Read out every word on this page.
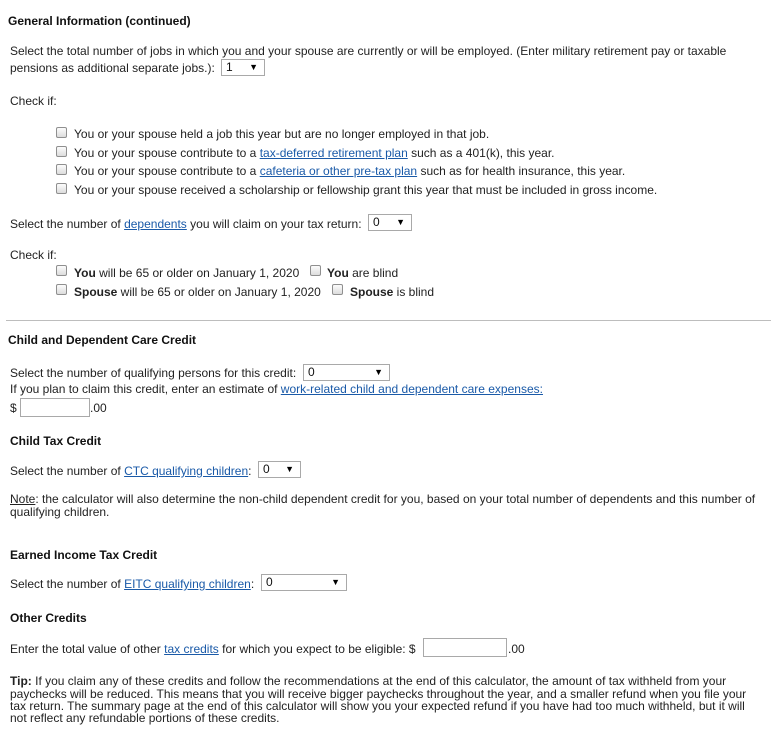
General Information (continued)
Select the total number of jobs in which you and your spouse are currently or will be employed. (Enter military retirement pay or taxable
pensions as additional separate jobs.): 1 ▼
Check if:
You or your spouse held a job this year but are no longer employed in that job.
You or your spouse contribute to a tax-deferred retirement plan such as a 401(k), this year.
You or your spouse contribute to a cafeteria or other pre-tax plan such as for health insurance, this year.
You or your spouse received a scholarship or fellowship grant this year that must be included in gross income.
Select the number of dependents you will claim on your tax return: 0 ▼
Check if:
You will be 65 or older on January 1, 2020 You are blind
Spouse will be 65 or older on January 1, 2020 Spouse is blind
Child and Dependent Care Credit
Select the number of qualifying persons for this credit: 0	▼
If you plan to claim this credit, enter an estimate of work-related child and dependent care expenses:
$	.00
Child Tax Credit
Select the number of CTC qualifying children: 0 ▼
Note: the calculator will also determine the non-child dependent credit for you, based on your total number of dependents and this number of
qualifying children.
Earned Income Tax Credit
Select the number of EITC qualifying children: 0	▼
Other Credits
Enter the total value of other tax credits for which you expect to be eligible: $	.00
Tip: If you claim any of these credits and follow the recommendations at the end of this calculator, the amount of tax withheld from your
paychecks will be reduced. This means that you will receive bigger paychecks throughout the year, and a smaller refund when you file your
tax return. The summary page at the end of this calculator will show you your expected refund if you have had too much withheld, but it will
not reflect any refundable portions of these credits.
